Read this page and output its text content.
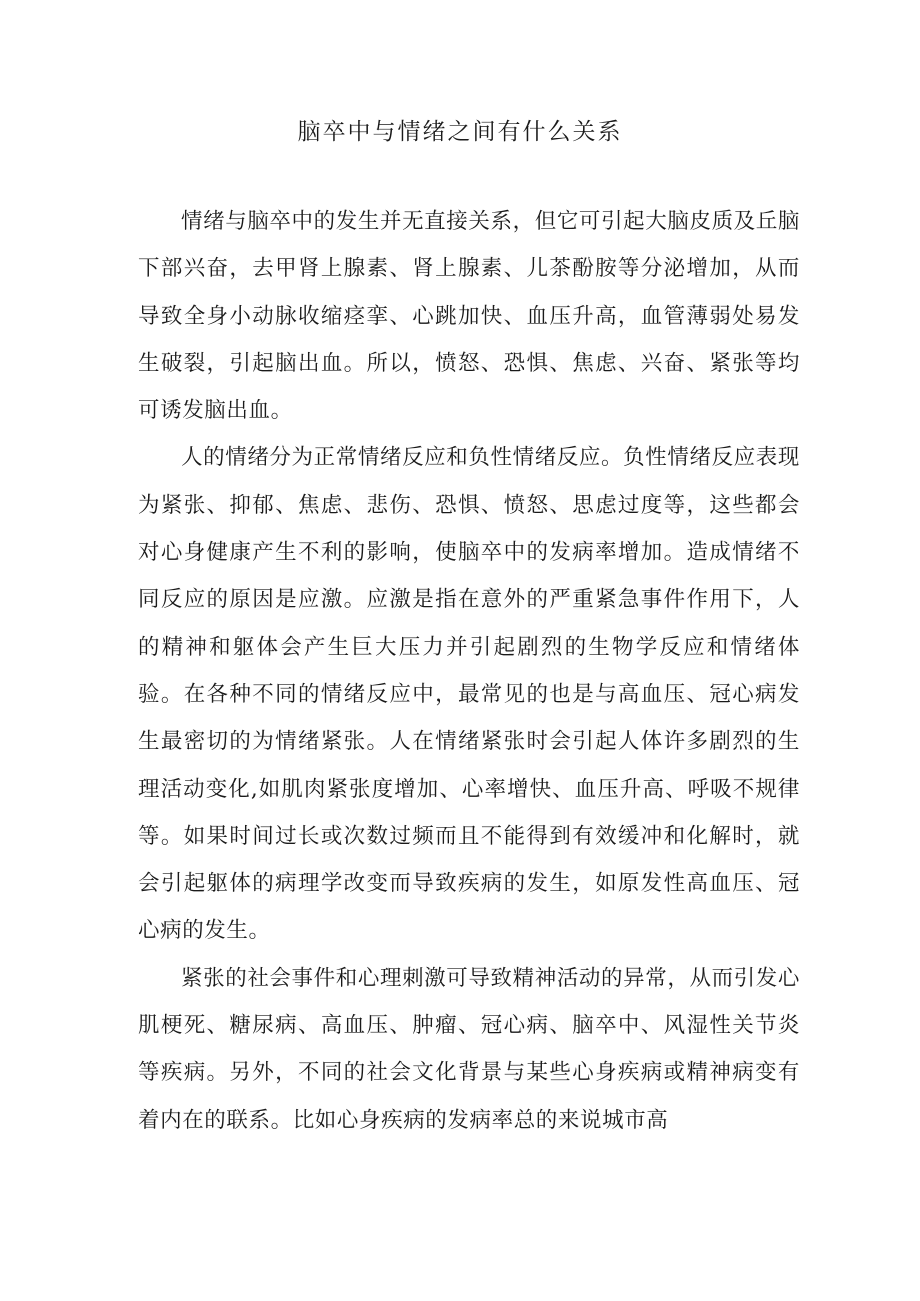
脑卒中与情绪之间有什么关系

情绪与脑卒中的发生并无直接关系，但它可引起大脑皮质及丘脑下部兴奋，去甲肾上腺素、肾上腺素、儿茶酚胺等分泌增加，从而导致全身小动脉收缩痉挛、心跳加快、血压升高，血管薄弱处易发生破裂，引起脑出血。所以，愤怒、恐惧、焦虑、兴奋、紧张等均可诱发脑出血。

人的情绪分为正常情绪反应和负性情绪反应。负性情绪反应表现为紧张、抑郁、焦虑、悲伤、恐惧、愤怒、思虑过度等，这些都会对心身健康产生不利的影响，使脑卒中的发病率增加。造成情绪不同反应的原因是应激。应激是指在意外的严重紧急事件作用下，人的精神和躯体会产生巨大压力并引起剧烈的生物学反应和情绪体验。在各种不同的情绪反应中，最常见的也是与高血压、冠心病发生最密切的为情绪紧张。人在情绪紧张时会引起人体许多剧烈的生理活动变化,如肌肉紧张度增加、心率增快、血压升高、呼吸不规律等。如果时间过长或次数过频而且不能得到有效缓冲和化解时，就会引起躯体的病理学改变而导致疾病的发生，如原发性高血压、冠心病的发生。

紧张的社会事件和心理刺激可导致精神活动的异常，从而引发心肌梗死、糖尿病、高血压、肿瘤、冠心病、脑卒中、风湿性关节炎等疾病。另外，不同的社会文化背景与某些心身疾病或精神病变有着内在的联系。比如心身疾病的发病率总的来说城市高
